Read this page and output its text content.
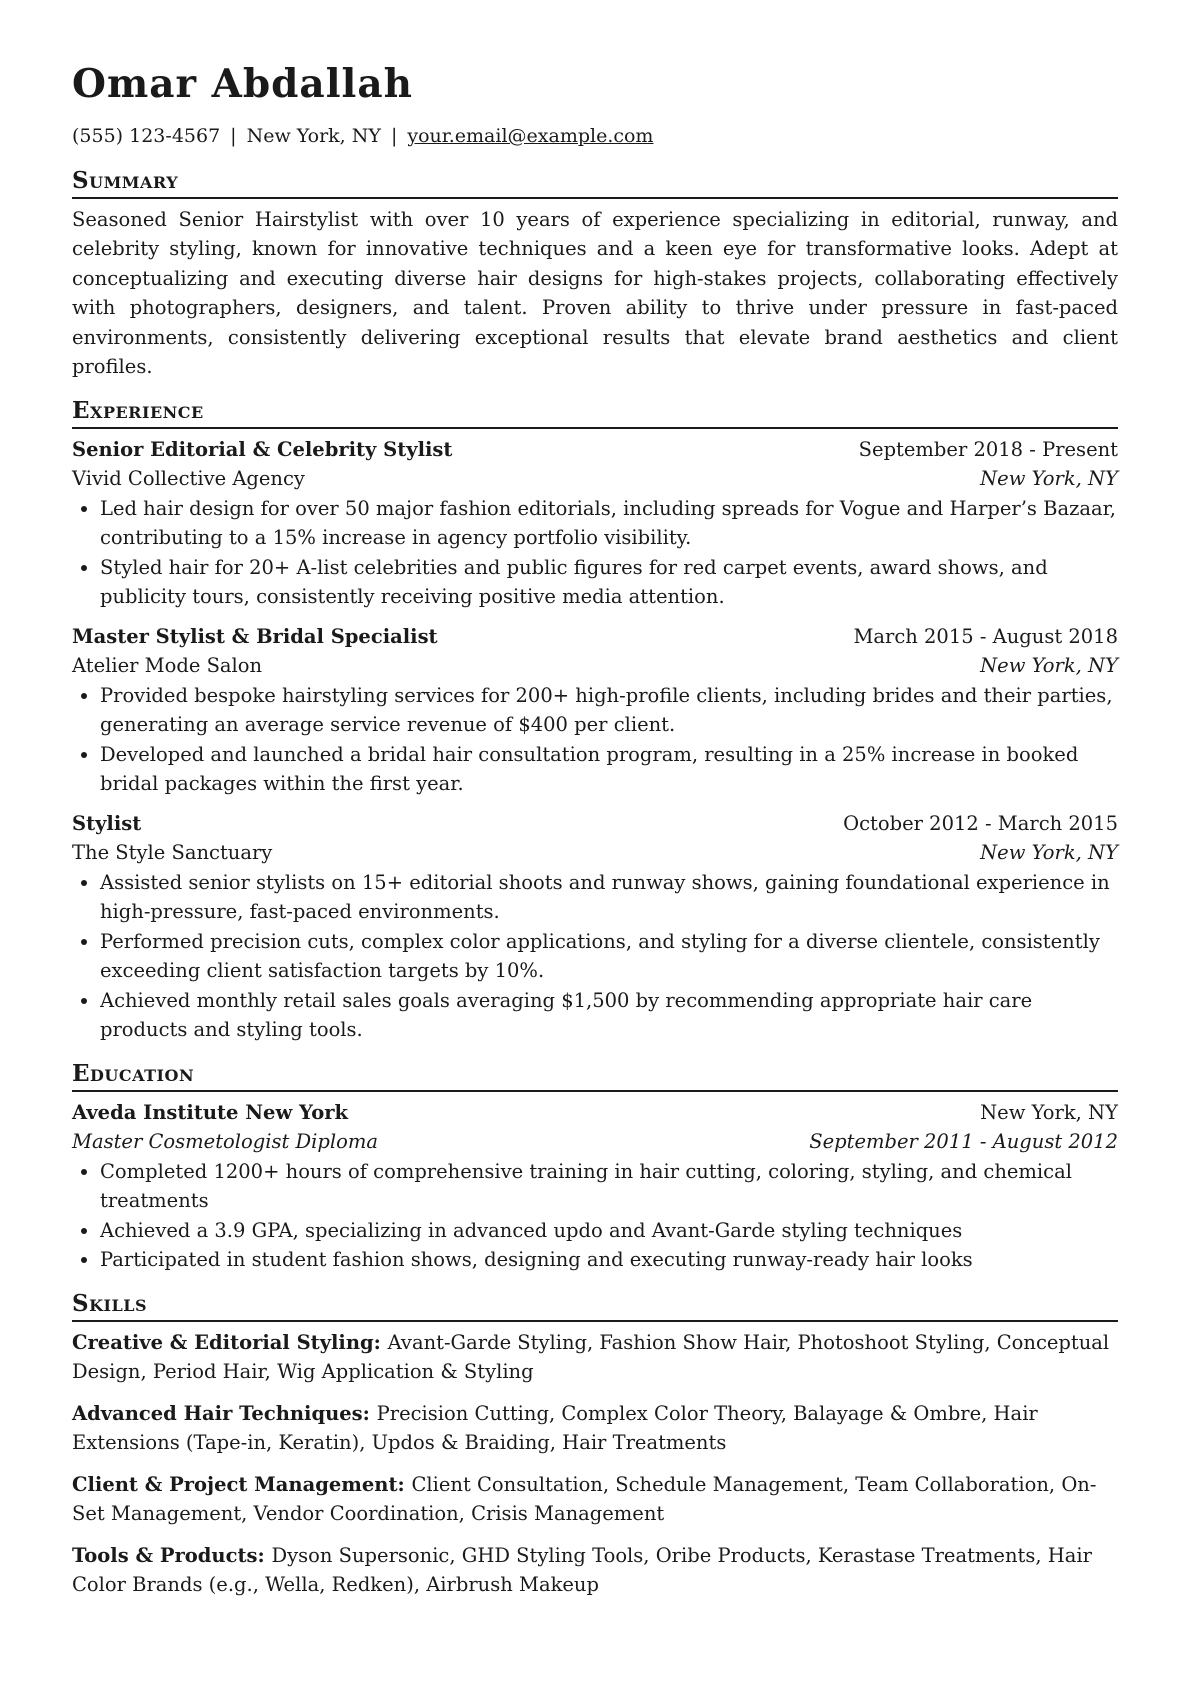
Omar Abdallah
(555) 123-4567 | New York, NY | your.email@example.com
Summary

Seasoned Senior Hairstylist with over 10 years of experience specializing in editorial, runway, and celebrity styling, known for innovative techniques and a keen eye for transformative looks. Adept at conceptualizing and executing diverse hair designs for high-stakes projects, collaborating effectively with photographers, designers, and talent. Proven ability to thrive under pressure in fast-paced environments, consistently delivering exceptional results that elevate brand aesthetics and client profiles.

Experience
Senior Editorial & Celebrity Stylist	September 2018 - Present
Vivid Collective Agency	New York, NY
• Led hair design for over 50 major fashion editorials, including spreads for Vogue and Harper’s Bazaar, contributing to a 15% increase in agency portfolio visibility.
• Styled hair for 20+ A-list celebrities and public figures for red carpet events, award shows, and publicity tours, consistently receiving positive media attention.
Master Stylist & Bridal Specialist	March 2015 - August 2018
Atelier Mode Salon	New York, NY
• Provided bespoke hairstyling services for 200+ high-profile clients, including brides and their parties, generating an average service revenue of $400 per client.
• Developed and launched a bridal hair consultation program, resulting in a 25% increase in booked bridal packages within the first year.
Stylist	October 2012 - March 2015
The Style Sanctuary	New York, NY
• Assisted senior stylists on 15+ editorial shoots and runway shows, gaining foundational experience in high-pressure, fast-paced environments.
• Performed precision cuts, complex color applications, and styling for a diverse clientele, consistently exceeding client satisfaction targets by 10%.
• Achieved monthly retail sales goals averaging $1,500 by recommending appropriate hair care products and styling tools.
Education
Aveda Institute New York	New York, NY
Master Cosmetologist Diploma	September 2011 - August 2012
• Completed 1200+ hours of comprehensive training in hair cutting, coloring, styling, and chemical treatments
• Achieved a 3.9 GPA, specializing in advanced updo and Avant-Garde styling techniques
• Participated in student fashion shows, designing and executing runway-ready hair looks
Skills
Creative & Editorial Styling: Avant-Garde Styling, Fashion Show Hair, Photoshoot Styling, Conceptual Design, Period Hair, Wig Application & Styling
Advanced Hair Techniques: Precision Cutting, Complex Color Theory, Balayage & Ombre, Hair Extensions (Tape-in, Keratin), Updos & Braiding, Hair Treatments
Client & Project Management: Client Consultation, Schedule Management, Team Collaboration, On-Set Management, Vendor Coordination, Crisis Management
Tools & Products: Dyson Supersonic, GHD Styling Tools, Oribe Products, Kerastase Treatments, Hair Color Brands (e.g., Wella, Redken), Airbrush Makeup
